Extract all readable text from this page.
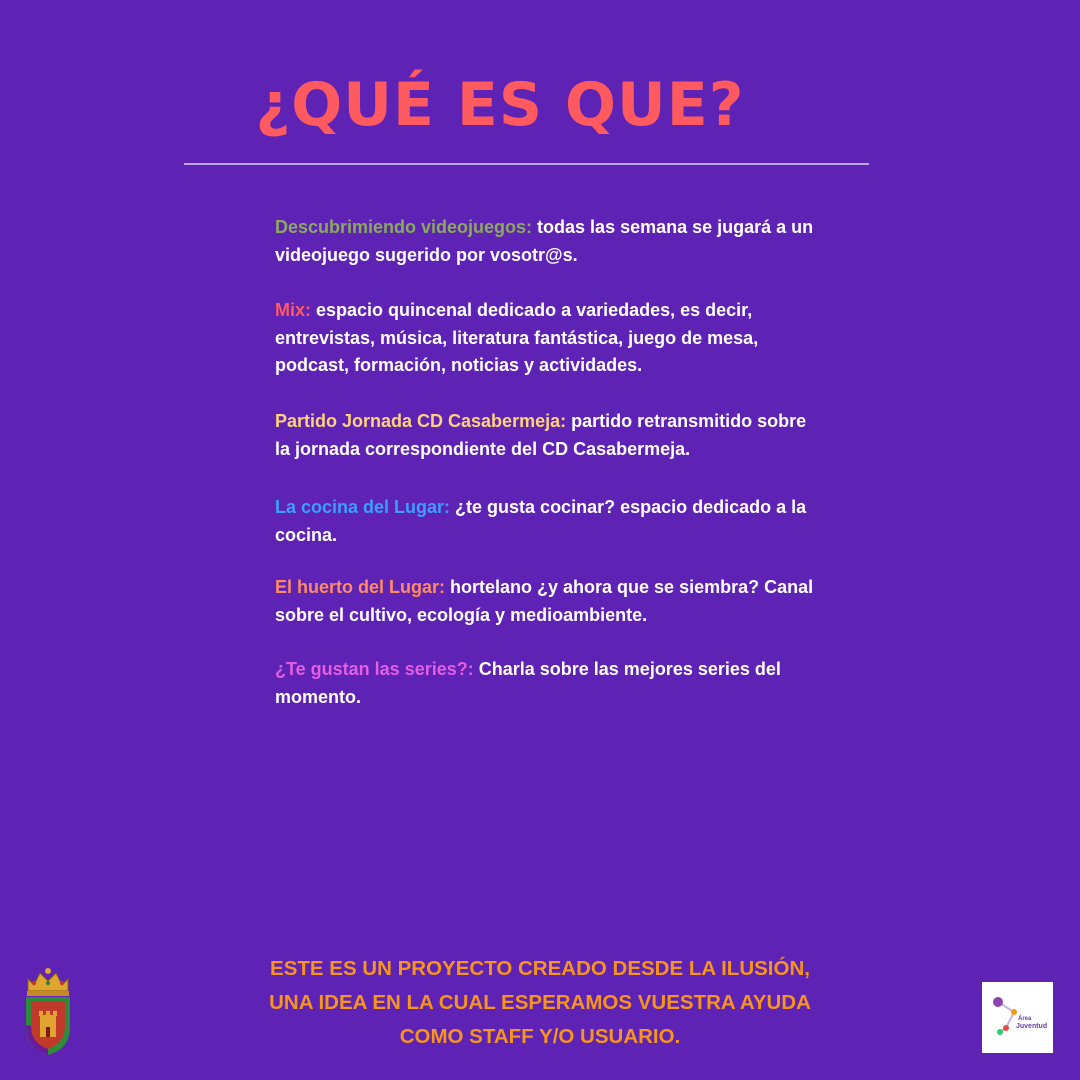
¿QUÉ ES QUE?

Descubrimiendo videojuegos: todas las semana se jugará a un videojuego sugerido por vosotr@s.

Mix: espacio quincenal dedicado a variedades, es decir, entrevistas, música, literatura fantástica, juego de mesa, podcast, formación, noticias y actividades.

Partido Jornada CD Casabermeja: partido retransmitido sobre la jornada correspondiente del CD Casabermeja.

La cocina del Lugar: ¿te gusta cocinar? espacio dedicado a la cocina.

El huerto del Lugar: hortelano ¿y ahora que se siembra? Canal sobre el cultivo, ecología y medioambiente.

¿Te gustan las series?: Charla sobre las mejores series del momento.

ESTE ES UN PROYECTO CREADO DESDE LA ILUSIÓN,
UNA IDEA EN LA CUAL ESPERAMOS VUESTRA AYUDA
COMO STAFF Y/O USUARIO.
Área
Juventud
